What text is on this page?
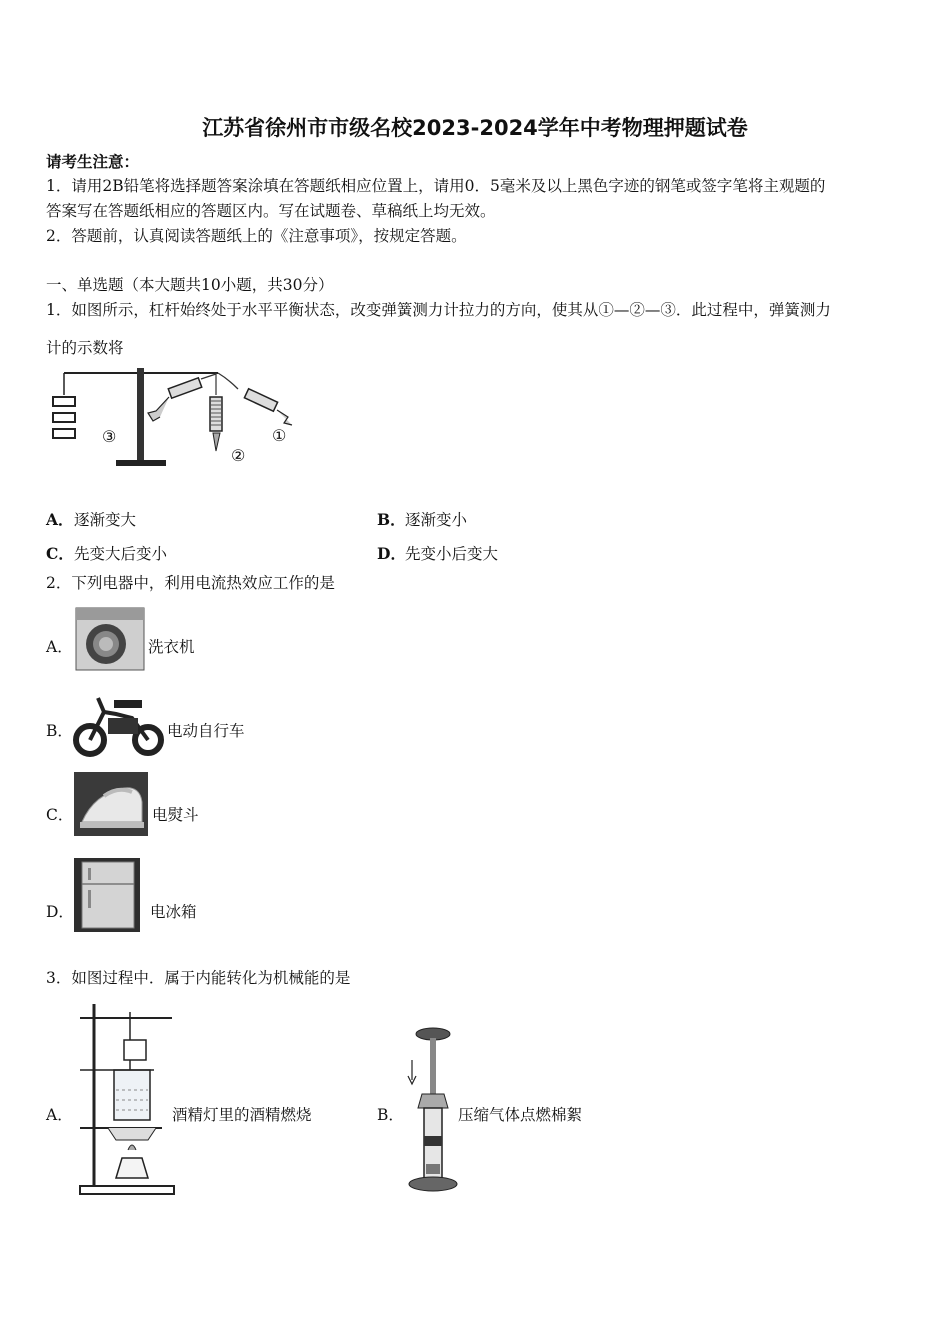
江苏省徐州市市级名校2023-2024学年中考物理押题试卷
请考生注意：
1．请用2B铅笔将选择题答案涂填在答题纸相应位置上，请用0．5毫米及以上黑色字迹的钢笔或签字笔将主观题的
答案写在答题纸相应的答题区内。写在试题卷、草稿纸上均无效。
2．答题前，认真阅读答题纸上的《注意事项》，按规定答题。
一、单选题（本大题共10小题，共30分）
1．如图所示，杠杆始终处于水平平衡状态，改变弹簧测力计拉力的方向，使其从①—②—③．此过程中，弹簧测力
计的示数将
③
②
①
A．逐渐变大	B．逐渐变小
C．先变大后变小	D．先变小后变大
2．下列电器中，利用电流热效应工作的是
A．	洗衣机
B．	电动自行车
C．	电熨斗
D．	电冰箱
3．如图过程中．属于内能转化为机械能的是
A．	酒精灯里的酒精燃烧	B．	压缩气体点燃棉絮
